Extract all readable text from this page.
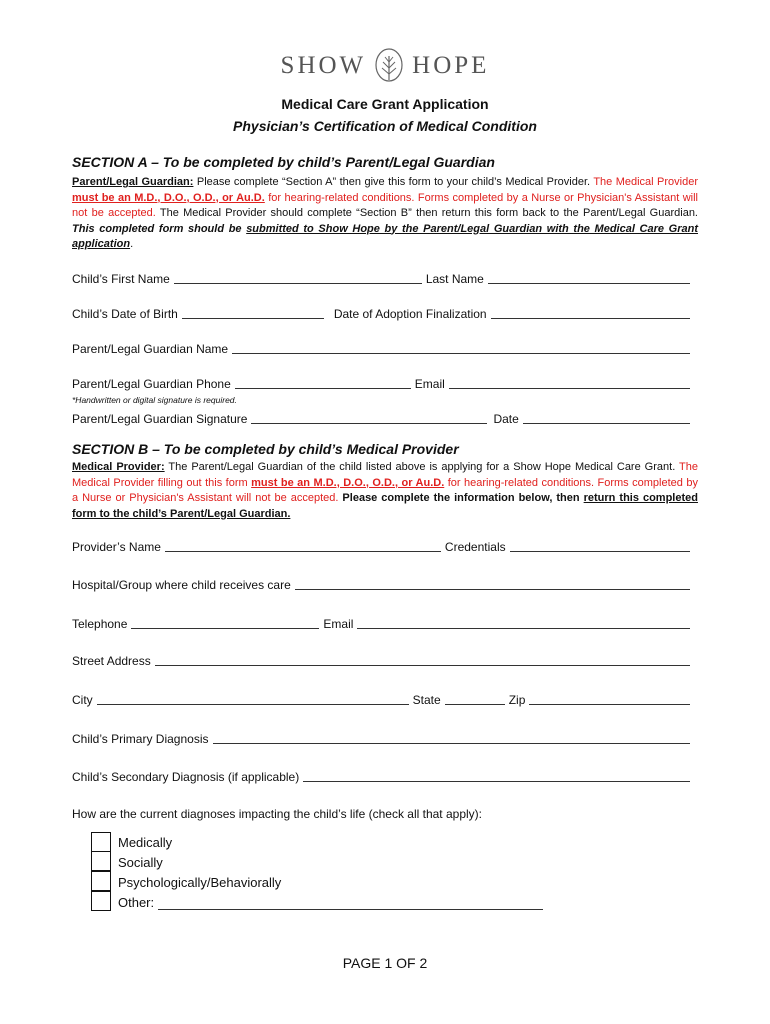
SHOW HOPE
Medical Care Grant Application
Physician’s Certification of Medical Condition
SECTION A – To be completed by child’s Parent/Legal Guardian
Parent/Legal Guardian: Please complete “Section A” then give this form to your child’s Medical Provider. The Medical Provider must be an M.D., D.O., O.D., or Au.D. for hearing-related conditions. Forms completed by a Nurse or Physician's Assistant will not be accepted. The Medical Provider should complete “Section B” then return this form back to the Parent/Legal Guardian. This completed form should be submitted to Show Hope by the Parent/Legal Guardian with the Medical Care Grant application.
Child’s First Name	Last Name
Child’s Date of Birth	Date of Adoption Finalization
Parent/Legal Guardian Name
Parent/Legal Guardian Phone	Email
*Handwritten or digital signature is required.
Parent/Legal Guardian Signature	Date
SECTION B – To be completed by child’s Medical Provider
Medical Provider: The Parent/Legal Guardian of the child listed above is applying for a Show Hope Medical Care Grant. The Medical Provider filling out this form must be an M.D., D.O., O.D., or Au.D. for hearing-related conditions. Forms completed by a Nurse or Physician's Assistant will not be accepted. Please complete the information below, then return this completed form to the child’s Parent/Legal Guardian.
Provider’s Name	Credentials
Hospital/Group where child receives care
Telephone	Email
Street Address
City	State	Zip
Child’s Primary Diagnosis
Child’s Secondary Diagnosis (if applicable)
How are the current diagnoses impacting the child’s life (check all that apply):
Medically
Socially
Psychologically/Behaviorally
Other:
PAGE 1 OF 2
